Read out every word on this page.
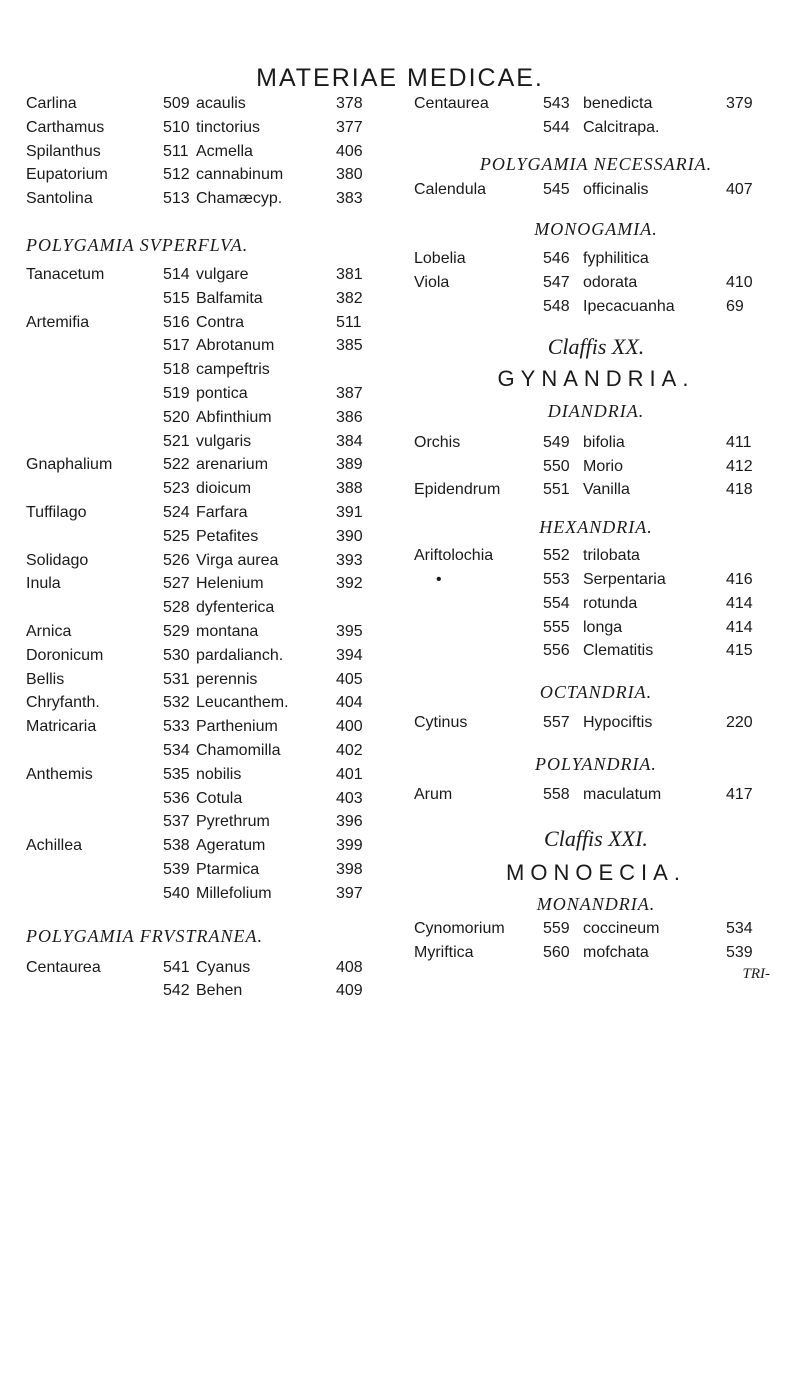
MATERIAE MEDICAE.
Carlina	509 acaulis	378
Carthamus	510 tinctorius	377
Spilanthus	511 Acmella	406
Eupatorium	512 cannabinum	380
Santolina	513 Chamæcyp.	383
POLYGAMIA SVPERFLVA.
Tanacetum	514 vulgare	381
515 Balfamita	382
Artemifia	516 Contra	511
517 Abrotanum	385
518 campeftris
519 pontica	387
520 Abfinthium	386
521 vulgaris	384
Gnaphalium	522 arenarium	389
523 dioicum	388
Tuffilago	524 Farfara	391
525 Petafites	390
Solidago	526 Virga aurea	393
Inula	527 Helenium	392
528 dyfenterica
Arnica	529 montana	395
Doronicum	530 pardalianch.	394
Bellis	531 perennis	405
Chryfanth.	532 Leucanthem.	404
Matricaria	533 Parthenium	400
534 Chamomilla	402
Anthemis	535 nobilis	401
536 Cotula	403
537 Pyrethrum	396
Achillea	538 Ageratum	399
539 Ptarmica	398
540 Millefolium	397
POLYGAMIA FRVSTRANEA.
Centaurea	541 Cyanus	408
542 Behen	409
Centaurea	543 benedicta	379
544 Calcitrapa.
POLYGAMIA NECESSARIA.
Calendula	545 officinalis	407
MONOGAMIA.
Lobelia	546 fyphilitica
Viola	547 odorata	410
548 Ipecacuanha	69
Claffis XX.
GYNANDRIA.
DIANDRIA.
Orchis	549 bifolia	411
550 Morio	412
Epidendrum	551 Vanilla	418
HEXANDRIA.
Ariftolochia	552 trilobata
•	553 Serpentaria	416
554 rotunda	414
555 longa	414
556 Clematitis	415
OCTANDRIA.
Cytinus	557 Hypociftis	220
POLYANDRIA.
Arum	558 maculatum	417
Claffis XXI.
MONOECIA.
MONANDRIA.
Cynomorium 559 coccineum	534
Myriftica	560 mofchata	539
TRI-
